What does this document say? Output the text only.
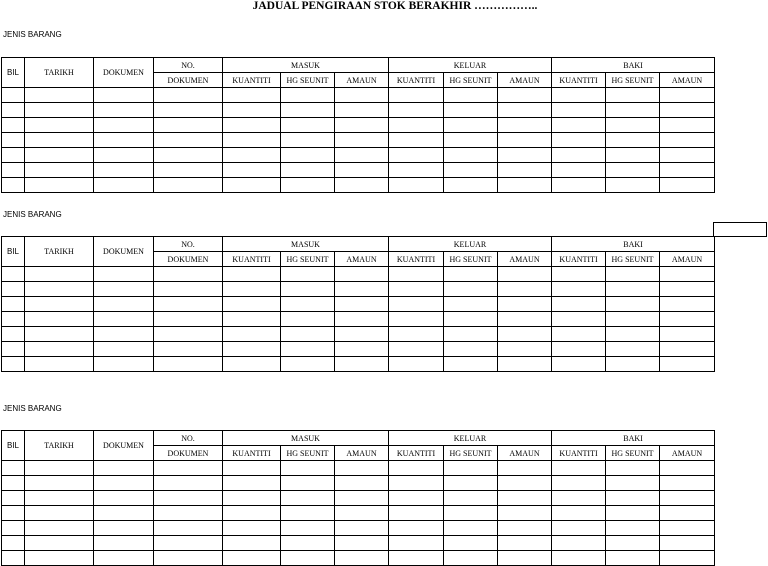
JADUAL PENGIRAAN STOK BERAKHIR ……………..
JENIS BARANG
BIL	TARIKH	DOKUMEN	NO.	MASUK			KELUAR			BAKI		
			DOKUMEN	KUANTITI	HG SEUNIT	AMAUN	KUANTITI	HG SEUNIT	AMAUN	KUANTITI	HG SEUNIT	AMAUN

JENIS BARANG
BIL	TARIKH	DOKUMEN	NO.	MASUK			KELUAR			BAKI		
			DOKUMEN	KUANTITI	HG SEUNIT	AMAUN	KUANTITI	HG SEUNIT	AMAUN	KUANTITI	HG SEUNIT	AMAUN

JENIS BARANG
BIL	TARIKH	DOKUMEN	NO.	MASUK			KELUAR			BAKI		
			DOKUMEN	KUANTITI	HG SEUNIT	AMAUN	KUANTITI	HG SEUNIT	AMAUN	KUANTITI	HG SEUNIT	AMAUN
